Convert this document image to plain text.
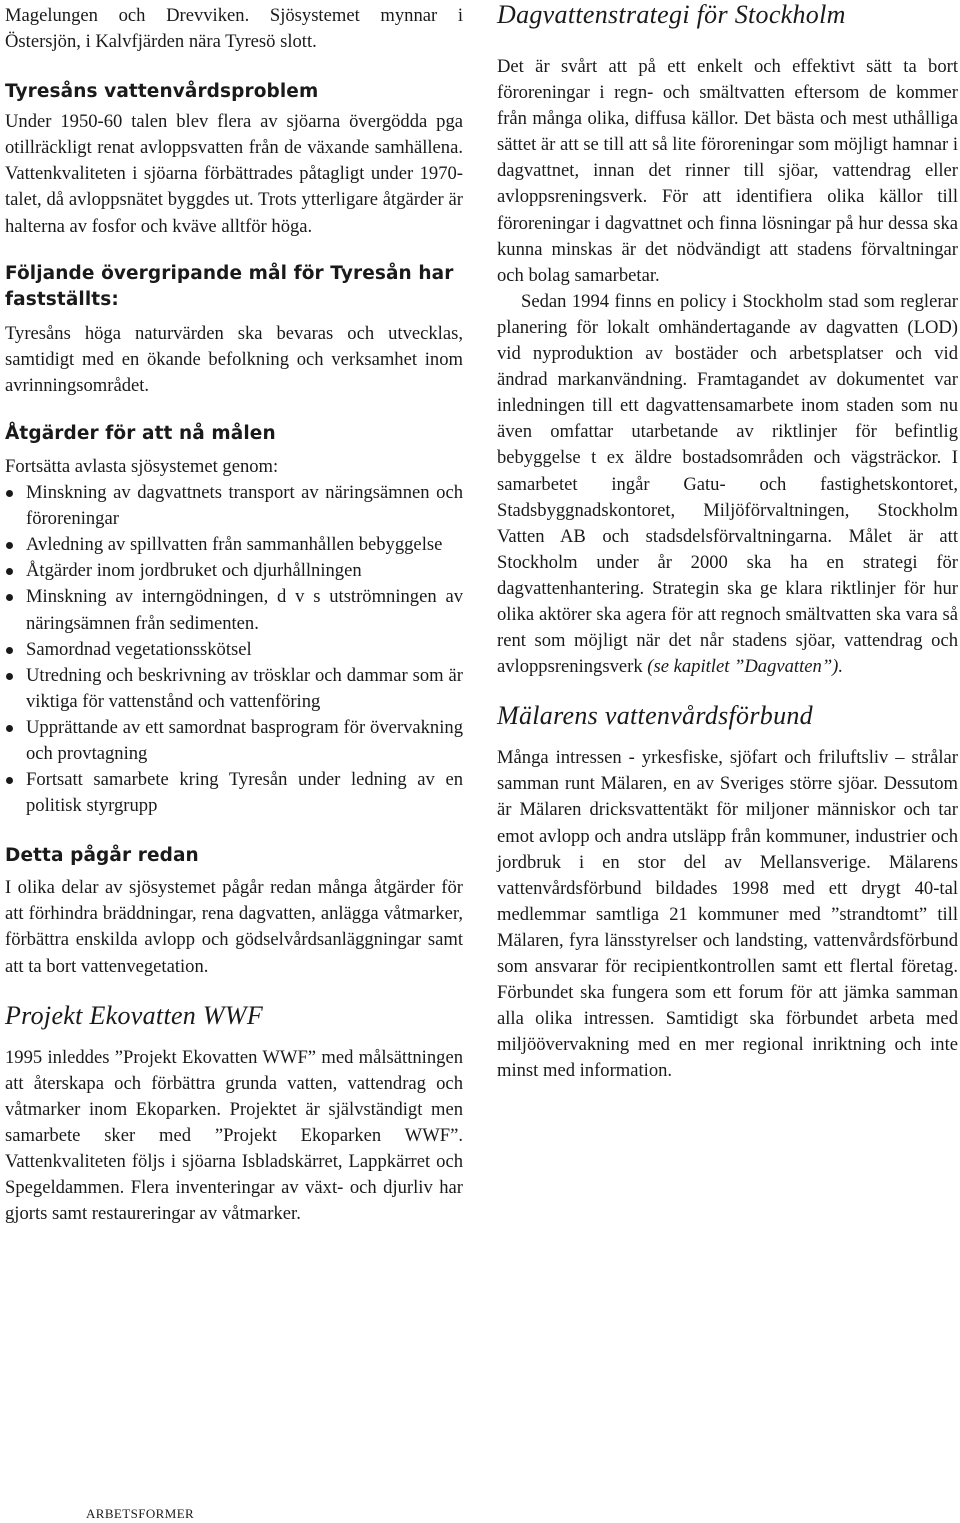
Magelungen och Drevviken. Sjösystemet mynnar i Östersjön, i Kalvfjärden nära Tyresö slott.

Tyresåns vattenvårdsproblem

Under 1950-60 talen blev flera av sjöarna övergödda pga otillräckligt renat avloppsvatten från de växande samhällena. Vattenkvaliteten i sjöarna förbättrades påtagligt under 1970-talet, då avloppsnätet byggdes ut. Trots ytterligare åtgärder är halterna av fosfor och kväve alltför höga.

Följande övergripande mål för Tyresån har fastställts:

Tyresåns höga naturvärden ska bevaras och utvecklas, samtidigt med en ökande befolkning och verksamhet inom avrinningsområdet.

Åtgärder för att nå målen

Fortsätta avlasta sjösystemet genom:

Minskning av dagvattnets transport av näringsämnen och föroreningar
Avledning av spillvatten från sammanhållen bebyggelse
Åtgärder inom jordbruket och djurhållningen
Minskning av interngödningen, d v s utströmningen av näringsämnen från sedimenten.
Samordnad vegetationsskötsel
Utredning och beskrivning av trösklar och dammar som är viktiga för vattenstånd och vattenföring
Upprättande av ett samordnat basprogram för övervakning och provtagning
Fortsatt samarbete kring Tyresån under ledning av en politisk styrgrupp
Detta pågår redan

I olika delar av sjösystemet pågår redan många åtgärder för att förhindra bräddningar, rena dagvatten, anlägga våtmarker, förbättra enskilda avlopp och gödselvårdsanläggningar samt att ta bort vattenvegetation.

Projekt Ekovatten WWF

1995 inleddes ”Projekt Ekovatten WWF” med målsättningen att återskapa och förbättra grunda vatten, vattendrag och våtmarker inom Ekoparken. Projektet är självständigt men samarbete sker med ”Projekt Ekoparken WWF”. Vattenkvaliteten följs i sjöarna Isbladskärret, Lappkärret och Spegeldammen. Flera inventeringar av växt- och djurliv har gjorts samt restaureringar av våtmarker.

Dagvattenstrategi för Stockholm

Det är svårt att på ett enkelt och effektivt sätt ta bort föroreningar i regn- och smältvatten eftersom de kommer från många olika, diffusa källor. Det bästa och mest uthålliga sättet är att se till att så lite föroreningar som möjligt hamnar i dagvattnet, innan det rinner till sjöar, vattendrag eller avloppsreningsverk. För att identifiera olika källor till föroreningar i dagvattnet och finna lösningar på hur dessa ska kunna minskas är det nödvändigt att stadens förvaltningar och bolag samarbetar.

Sedan 1994 finns en policy i Stockholm stad som reglerar planering för lokalt omhändertagande av dagvatten (LOD) vid nyproduktion av bostäder och arbetsplatser och vid ändrad markanvändning. Framtagandet av dokumentet var inledningen till ett dagvattensamarbete inom staden som nu även omfattar utarbetande av riktlinjer för befintlig bebyggelse t ex äldre bostadsområden och vägsträckor. I samarbetet ingår Gatu- och fastighetskontoret, Stadsbyggnadskontoret, Miljöförvaltningen, Stockholm Vatten AB och stadsdelsförvaltningarna. Målet är att Stockholm under år 2000 ska ha en strategi för dagvattenhantering. Strategin ska ge klara riktlinjer för hur olika aktörer ska agera för att regnoch smältvatten ska vara så rent som möjligt när det når stadens sjöar, vattendrag och avloppsreningsverk (se kapitlet ”Dagvatten”).

Mälarens vattenvårdsförbund

Många intressen - yrkesfiske, sjöfart och friluftsliv – strålar samman runt Mälaren, en av Sveriges större sjöar. Dessutom är Mälaren dricksvattentäkt för miljoner människor och tar emot avlopp och andra utsläpp från kommuner, industrier och jordbruk i en stor del av Mellansverige. Mälarens vattenvårdsförbund bildades 1998 med ett drygt 40-tal medlemmar samtliga 21 kommuner med ”strandtomt” till Mälaren, fyra länsstyrelser och landsting, vattenvårdsförbund som ansvarar för recipientkontrollen samt ett flertal företag. Förbundet ska fungera som ett forum för att jämka samman alla olika intressen. Samtidigt ska förbundet arbeta med miljöövervakning med en mer regional inriktning och inte minst med information.

ARBETSFORMER
